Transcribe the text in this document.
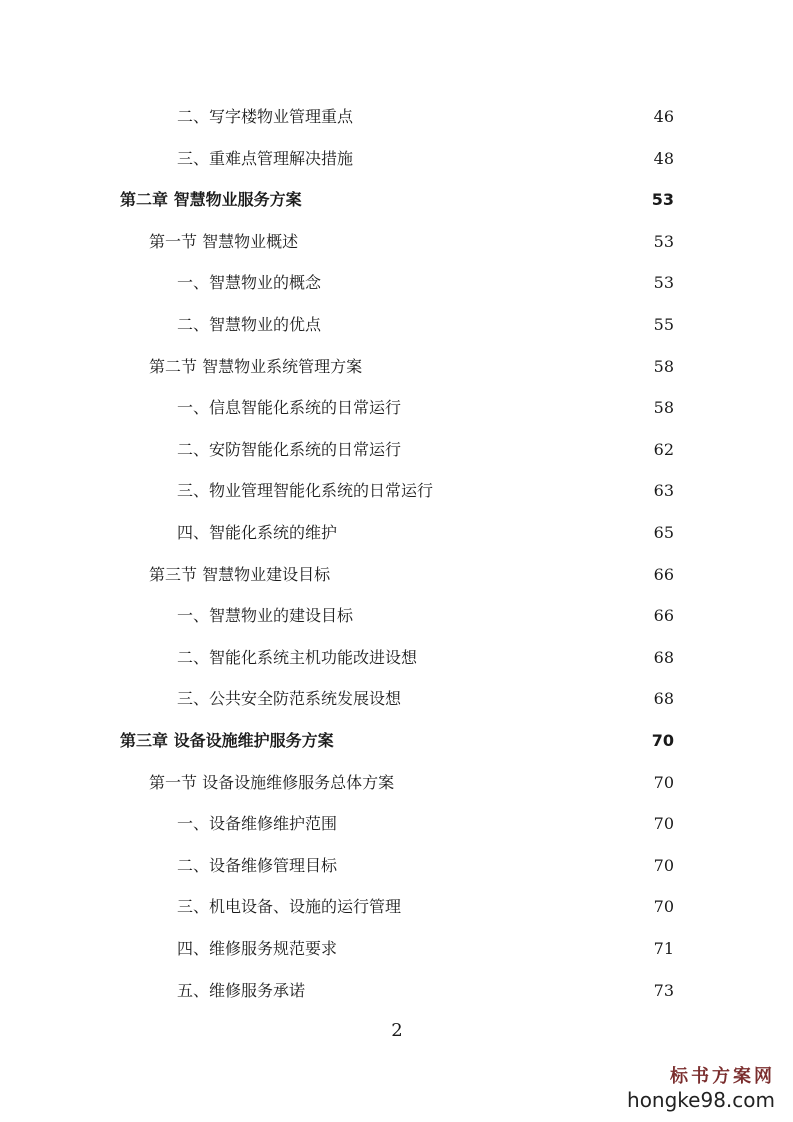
二、写字楼物业管理重点	46
三、重难点管理解决措施	48
第二章 智慧物业服务方案	53
第一节 智慧物业概述	53
一、智慧物业的概念	53
二、智慧物业的优点	55
第二节 智慧物业系统管理方案	58
一、信息智能化系统的日常运行	58
二、安防智能化系统的日常运行	62
三、物业管理智能化系统的日常运行	63
四、智能化系统的维护	65
第三节 智慧物业建设目标	66
一、智慧物业的建设目标	66
二、智能化系统主机功能改进设想	68
三、公共安全防范系统发展设想	68
第三章 设备设施维护服务方案	70
第一节 设备设施维修服务总体方案	70
一、设备维修维护范围	70
二、设备维修管理目标	70
三、机电设备、设施的运行管理	70
四、维修服务规范要求	71
五、维修服务承诺	73
2
标书方案网
hongke98.com
